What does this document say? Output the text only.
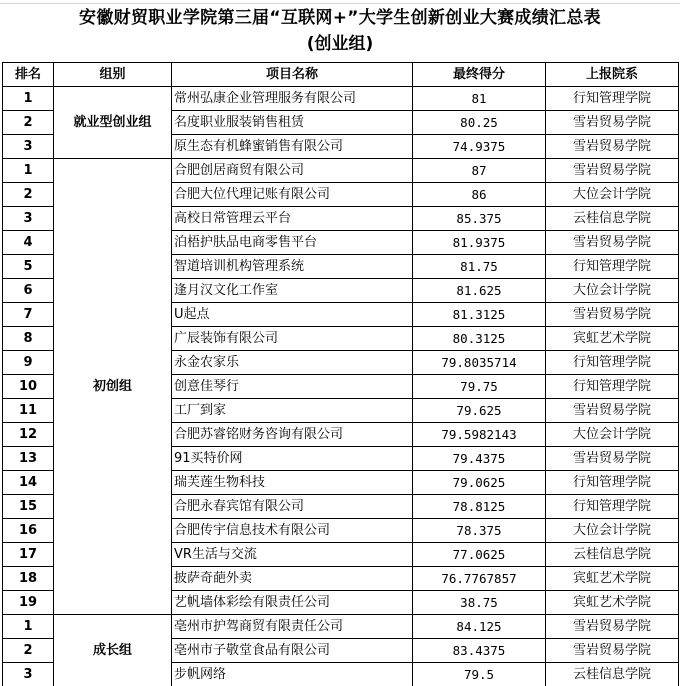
安徽财贸职业学院第三届“互联网+”大学生创新创业大赛成绩汇总表
(创业组)
排名	组别	项目名称	最终得分	上报院系
1	就业型创业组	常州弘康企业管理服务有限公司	81	行知管理学院
2		名度职业服装销售租赁	80.25	雪岩贸易学院
3		原生态有机蜂蜜销售有限公司	74.9375	雪岩贸易学院
1	初创组	合肥创居商贸有限公司	87	雪岩贸易学院
2		合肥大位代理记账有限公司	86	大位会计学院
3		高校日常管理云平台	85.375	云桂信息学院
4		泊梧护肤品电商零售平台	81.9375	雪岩贸易学院
5		智道培训机构管理系统	81.75	行知管理学院
6		逢月汉文化工作室	81.625	大位会计学院
7		U起点	81.3125	雪岩贸易学院
8		广辰装饰有限公司	80.3125	宾虹艺术学院
9		永金农家乐	79.8035714	行知管理学院
10		创意佳琴行	79.75	行知管理学院
11		工厂到家	79.625	雪岩贸易学院
12		合肥苏睿铭财务咨询有限公司	79.5982143	大位会计学院
13		91买特价网	79.4375	雪岩贸易学院
14		瑞芙莲生物科技	79.0625	行知管理学院
15		合肥永春宾馆有限公司	78.8125	行知管理学院
16		合肥传宇信息技术有限公司	78.375	大位会计学院
17		VR生活与交流	77.0625	云桂信息学院
18		披萨奇葩外卖	76.7767857	宾虹艺术学院
19		艺帆墙体彩绘有限责任公司	38.75	宾虹艺术学院
1	成长组	亳州市护驾商贸有限责任公司	84.125	雪岩贸易学院
2		亳州市子敬堂食品有限公司	83.4375	雪岩贸易学院
3		步帆网络	79.5	云桂信息学院
